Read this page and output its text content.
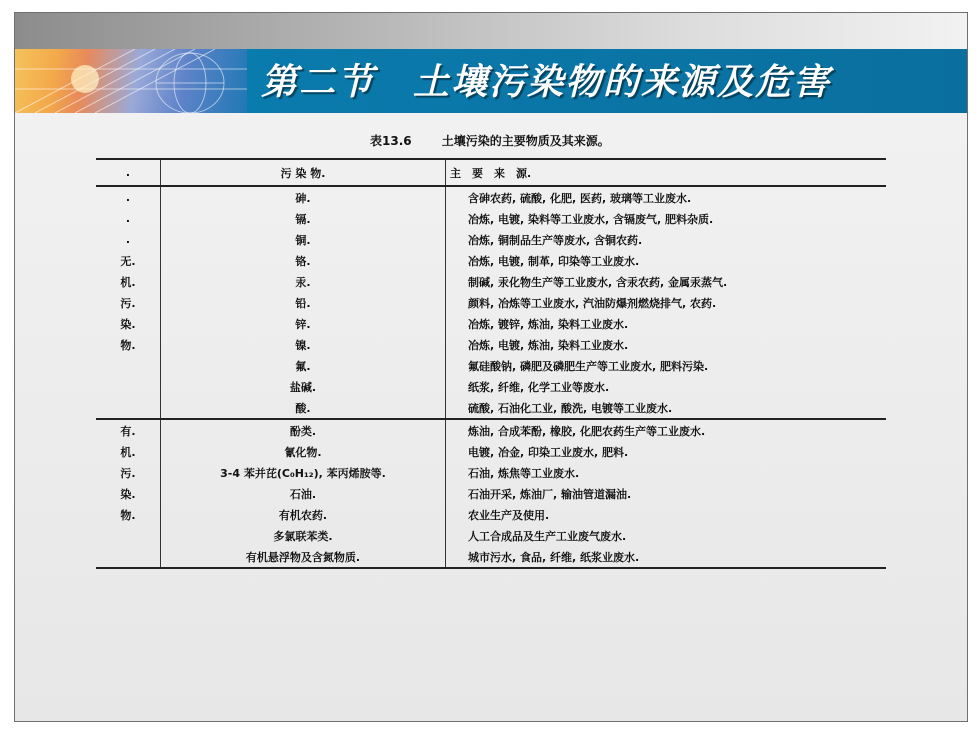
第二节　土壤污染物的来源及危害
表13.6	土壤污染的主要物质及其来源。
.	污 染 物.	主　要　来　源.
.	砷.	含砷农药, 硫酸, 化肥, 医药, 玻璃等工业废水.
.	镉.	冶炼, 电镀, 染料等工业废水, 含镉废气, 肥料杂质.
.	铜.	冶炼, 铜制品生产等废水, 含铜农药.
无.	铬.	冶炼, 电镀, 制革, 印染等工业废水.
机.	汞.	制碱, 汞化物生产等工业废水, 含汞农药, 金属汞蒸气.
污.	铅.	颜料, 冶炼等工业废水, 汽油防爆剂燃烧排气, 农药.
染.	锌.	冶炼, 镀锌, 炼油, 染料工业废水.
物.	镍.	冶炼, 电镀, 炼油, 染料工业废水.
	氟.	氟硅酸钠, 磷肥及磷肥生产等工业废水, 肥料污染.
	盐碱.	纸浆, 纤维, 化学工业等废水.
	酸.	硫酸, 石油化工业, 酸洗, 电镀等工业废水.
有.	酚类.	炼油, 合成苯酚, 橡胶, 化肥农药生产等工业废水.
机.	氰化物.	电镀, 冶金, 印染工业废水, 肥料.
污.	3-4 苯并芘(C₀H₁₂), 苯丙烯胺等.	石油, 炼焦等工业废水.
染.	石油.	石油开采, 炼油厂, 输油管道漏油.
物.	有机农药.	农业生产及使用.
	多氯联苯类.	人工合成品及生产工业废气废水.
	有机悬浮物及含氮物质.	城市污水, 食品, 纤维, 纸浆业废水.
